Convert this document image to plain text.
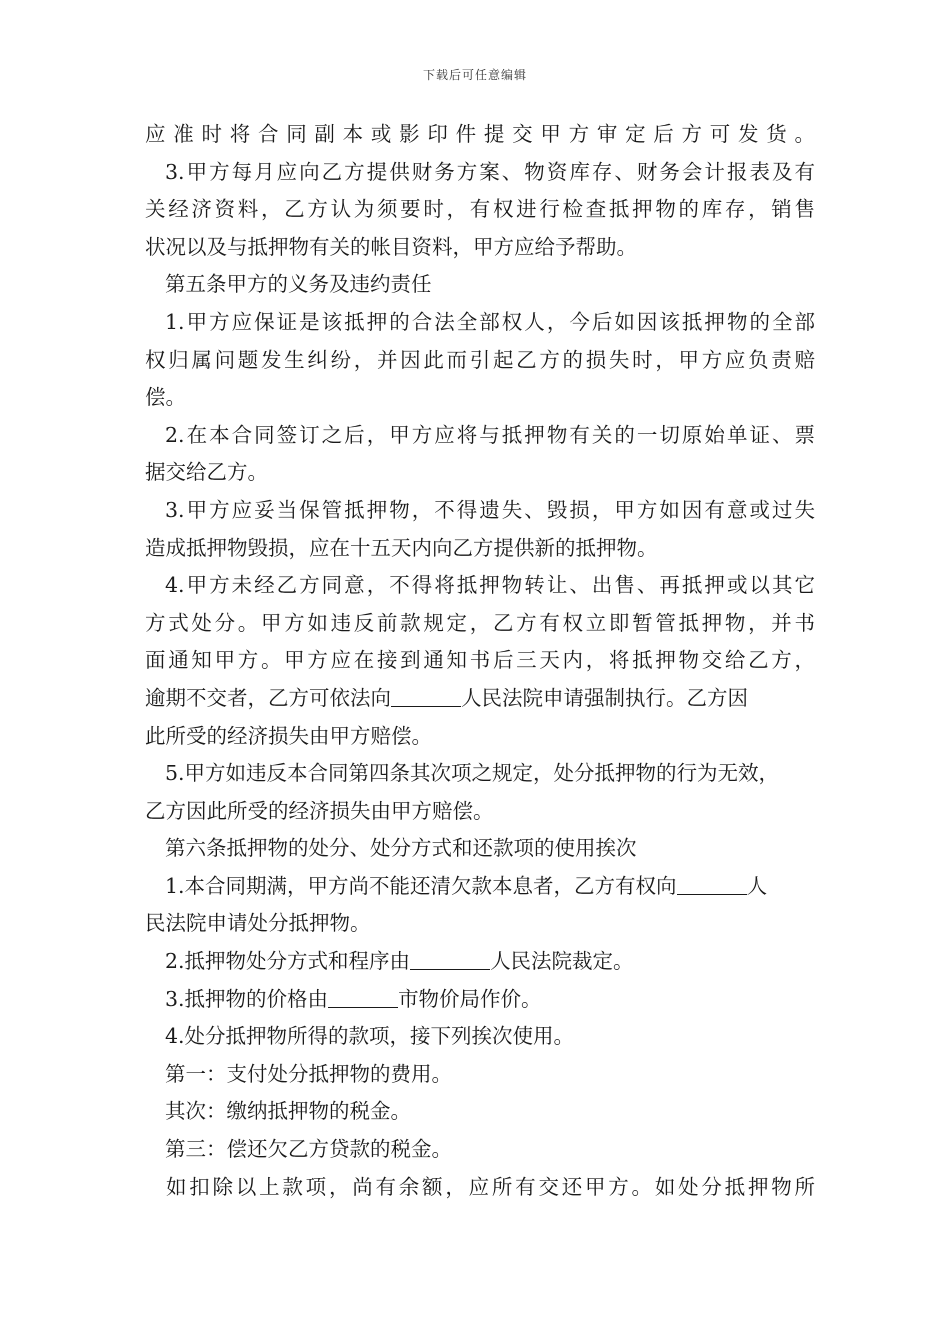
下载后可任意编辑
应准时将合同副本或影印件提交甲方审定后方可发货。
3.甲方每月应向乙方提供财务方案、物资库存、财务会计报表及有
关经济资料，乙方认为须要时，有权进行检查抵押物的库存，销售
状况以及与抵押物有关的帐目资料，甲方应给予帮助。
第五条甲方的义务及违约责任
1.甲方应保证是该抵押的合法全部权人，今后如因该抵押物的全部
权归属问题发生纠纷，并因此而引起乙方的损失时，甲方应负责赔
偿。
2.在本合同签订之后，甲方应将与抵押物有关的一切原始单证、票
据交给乙方。
3.甲方应妥当保管抵押物，不得遗失、毁损，甲方如因有意或过失
造成抵押物毁损，应在十五天内向乙方提供新的抵押物。
4.甲方未经乙方同意，不得将抵押物转让、出售、再抵押或以其它
方式处分。甲方如违反前款规定，乙方有权立即暂管抵押物，并书
面通知甲方。甲方应在接到通知书后三天内，将抵押物交给乙方，
逾期不交者，乙方可依法向	人民法院申请强制执行。乙方因
此所受的经济损失由甲方赔偿。
5.甲方如违反本合同第四条其次项之规定，处分抵押物的行为无效，
乙方因此所受的经济损失由甲方赔偿。
第六条抵押物的处分、处分方式和还款项的使用挨次
1.本合同期满，甲方尚不能还清欠款本息者，乙方有权向	人
民法院申请处分抵押物。
2.抵押物处分方式和程序由	人民法院裁定。
3.抵押物的价格由	市物价局作价。
4.处分抵押物所得的款项，接下列挨次使用。
第一：支付处分抵押物的费用。
其次：缴纳抵押物的税金。
第三：偿还欠乙方贷款的税金。
如扣除以上款项，尚有余额，应所有交还甲方。如处分抵押物所
